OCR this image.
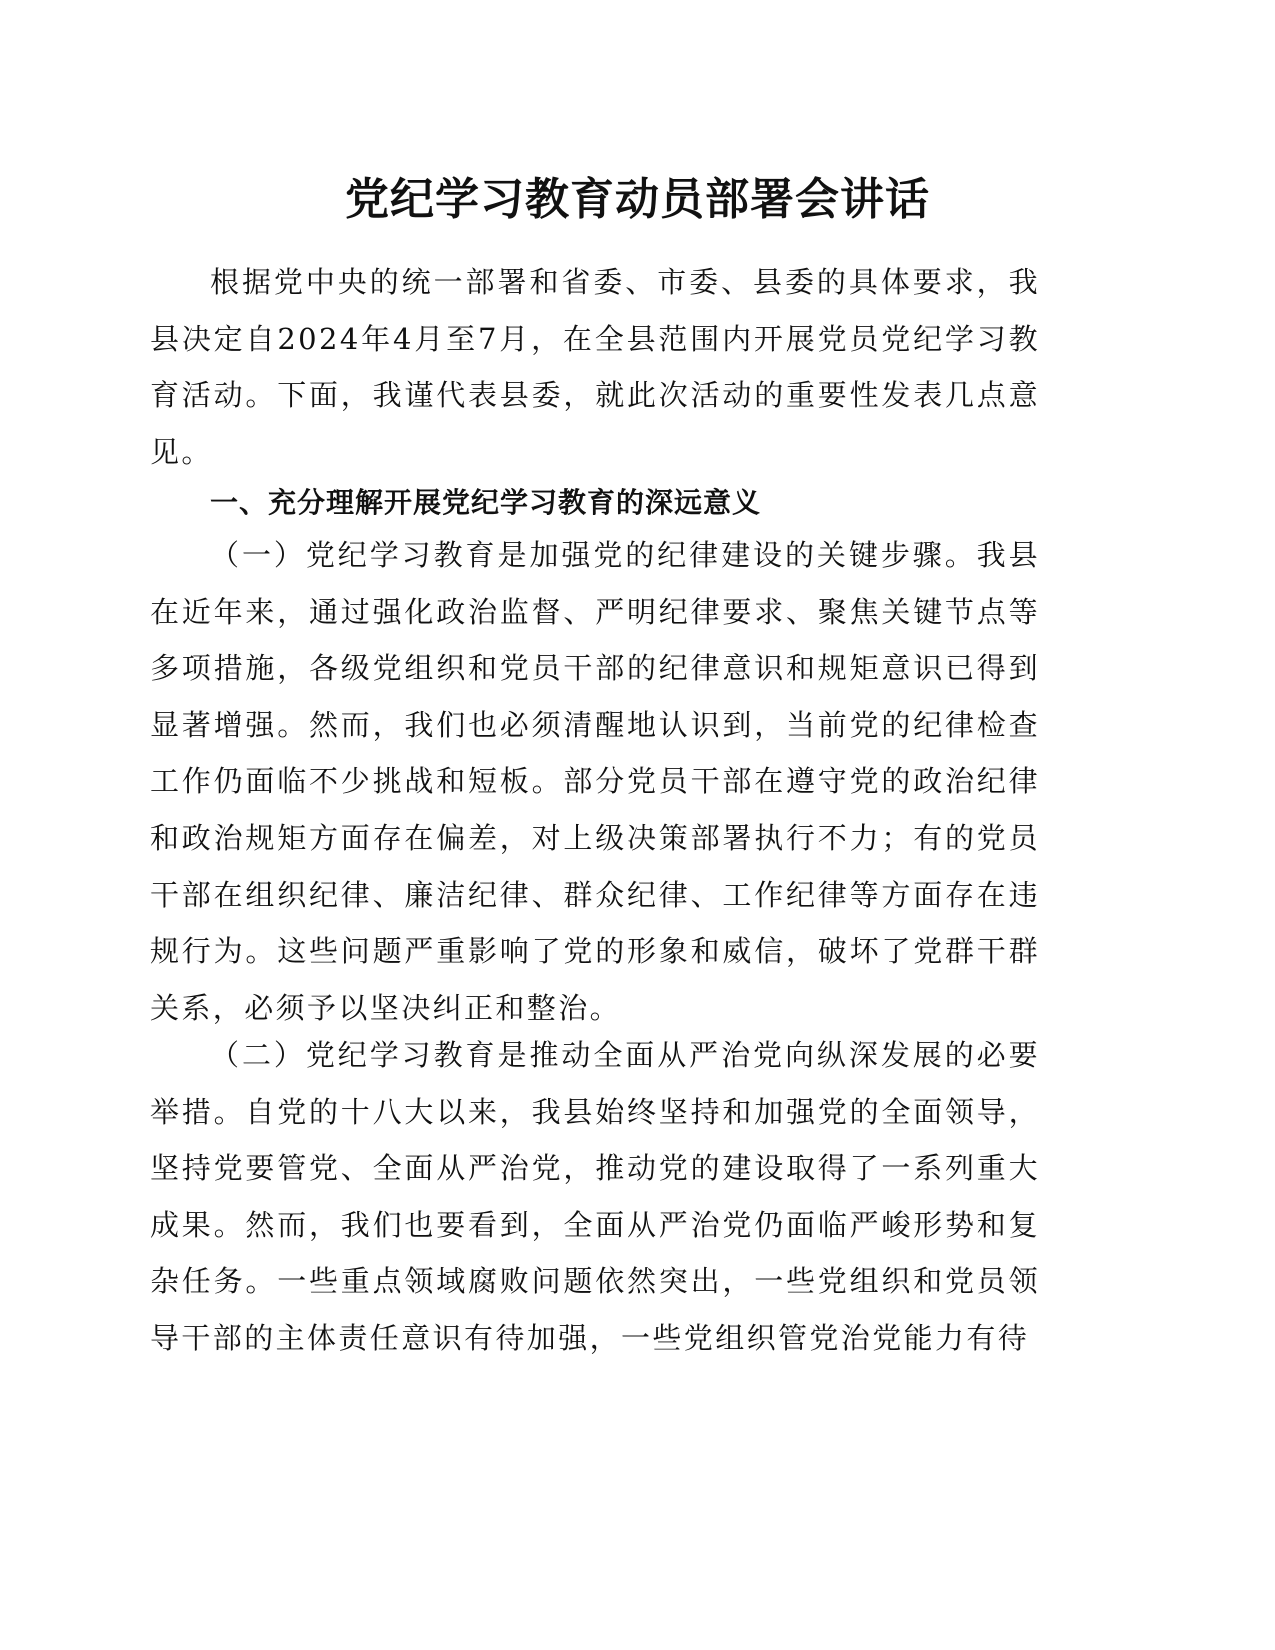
党纪学习教育动员部署会讲话

根据党中央的统一部署和省委、市委、县委的具体要求，我县决定自2024年4月至7月，在全县范围内开展党员党纪学习教育活动。下面，我谨代表县委，就此次活动的重要性发表几点意见。

一、充分理解开展党纪学习教育的深远意义

（一）党纪学习教育是加强党的纪律建设的关键步骤。我县在近年来，通过强化政治监督、严明纪律要求、聚焦关键节点等多项措施，各级党组织和党员干部的纪律意识和规矩意识已得到显著增强。然而，我们也必须清醒地认识到，当前党的纪律检查工作仍面临不少挑战和短板。部分党员干部在遵守党的政治纪律和政治规矩方面存在偏差，对上级决策部署执行不力；有的党员干部在组织纪律、廉洁纪律、群众纪律、工作纪律等方面存在违规行为。这些问题严重影响了党的形象和威信，破坏了党群干群关系，必须予以坚决纠正和整治。

（二）党纪学习教育是推动全面从严治党向纵深发展的必要举措。自党的十八大以来，我县始终坚持和加强党的全面领导，坚持党要管党、全面从严治党，推动党的建设取得了一系列重大成果。然而，我们也要看到，全面从严治党仍面临严峻形势和复杂任务。一些重点领域腐败问题依然突出，一些党组织和党员领导干部的主体责任意识有待加强，一些党组织管党治党能力有待
